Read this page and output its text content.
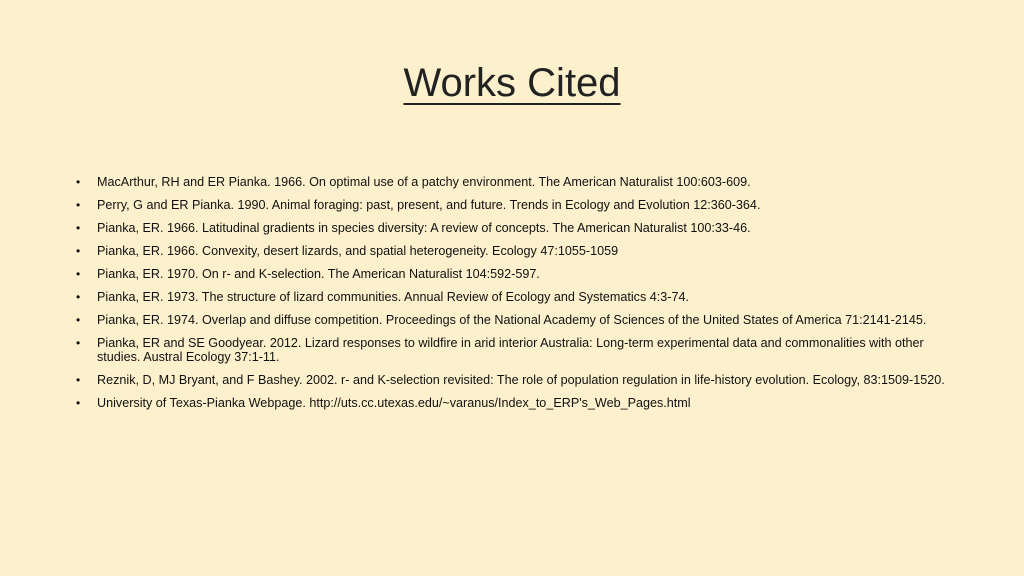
Works Cited
• MacArthur, RH and ER Pianka. 1966. On optimal use of a patchy environment. The American Naturalist 100:603-609.
• Perry, G and ER Pianka. 1990. Animal foraging: past, present, and future. Trends in Ecology and Evolution 12:360-364.
• Pianka, ER. 1966. Latitudinal gradients in species diversity: A review of concepts. The American Naturalist 100:33-46.
• Pianka, ER. 1966. Convexity, desert lizards, and spatial heterogeneity. Ecology 47:1055-1059
• Pianka, ER. 1970. On r- and K-selection. The American Naturalist 104:592-597.
• Pianka, ER. 1973. The structure of lizard communities. Annual Review of Ecology and Systematics 4:3-74.
• Pianka, ER. 1974. Overlap and diffuse competition. Proceedings of the National Academy of Sciences of the United States of America 71:2141-2145.
• Pianka, ER and SE Goodyear. 2012. Lizard responses to wildfire in arid interior Australia: Long-term experimental data and commonalities with other studies. Austral Ecology 37:1-11.
• Reznik, D, MJ Bryant, and F Bashey. 2002. r- and K-selection revisited: The role of population regulation in life-history evolution. Ecology, 83:1509-1520.
• University of Texas-Pianka Webpage. http://uts.cc.utexas.edu/~varanus/Index_to_ERP's_Web_Pages.html
